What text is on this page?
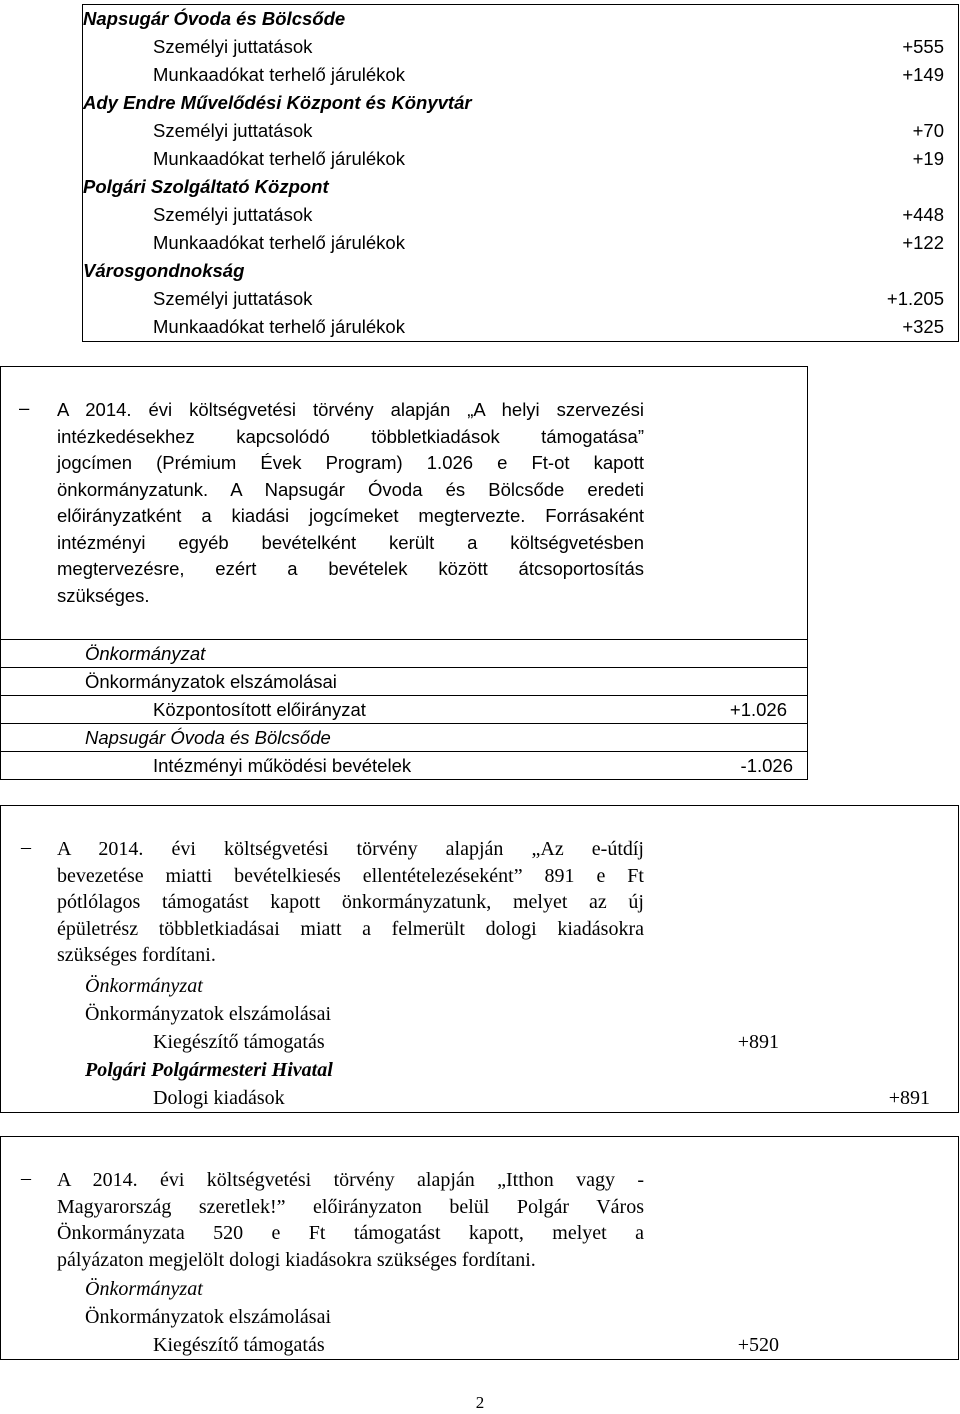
Napsugár Óvoda és Bölcsőde
Személyi juttatások	+555
Munkaadókat terhelő járulékok	+149
Ady Endre Művelődési Központ és Könyvtár
Személyi juttatások	+70
Munkaadókat terhelő járulékok	+19
Polgári Szolgáltató Központ
Személyi juttatások	+448
Munkaadókat terhelő járulékok	+122
Városgondnokság
Személyi juttatások	+1.205
Munkaadókat terhelő járulékok	+325
– A 2014. évi költségvetési törvény alapján „A helyi szervezési
intézkedésekhez kapcsolódó többletkiadások támogatása”
jogcímen (Prémium Évek Program) 1.026 e Ft-ot kapott
önkormányzatunk. A Napsugár Óvoda és Bölcsőde eredeti
előirányzatként a kiadási jogcímeket megtervezte. Forrásaként
intézményi egyéb bevételként került a költségvetésben
megtervezésre, ezért a bevételek között átcsoportosítás
szükséges.
Önkormányzat
Önkormányzatok elszámolásai
Központosított előirányzat	+1.026
Napsugár Óvoda és Bölcsőde
Intézményi működési bevételek	-1.026
– A 2014. évi költségvetési törvény alapján „Az e-útdíj
bevezetése miatti bevételkiesés ellentételezéseként” 891 e Ft
pótlólagos támogatást kapott önkormányzatunk, melyet az új
épületrész többletkiadásai miatt a felmerült dologi kiadásokra
szükséges fordítani.
Önkormányzat
Önkormányzatok elszámolásai
Kiegészítő támogatás	+891
Polgári Polgármesteri Hivatal
Dologi kiadások	+891
– A 2014. évi költségvetési törvény alapján „Itthon vagy -
Magyarország szeretlek!” előirányzaton belül Polgár Város
Önkormányzata 520 e Ft támogatást kapott, melyet a
pályázaton megjelölt dologi kiadásokra szükséges fordítani.
Önkormányzat
Önkormányzatok elszámolásai
Kiegészítő támogatás	+520
2
